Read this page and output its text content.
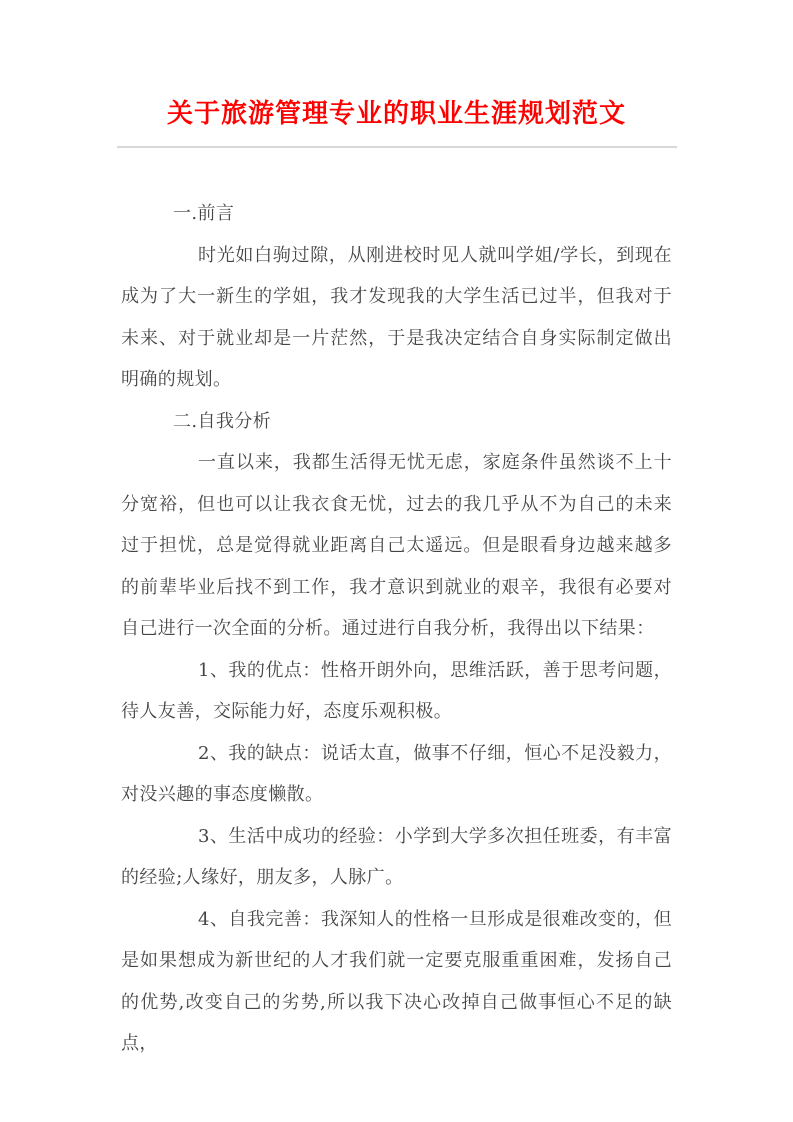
关于旅游管理专业的职业生涯规划范文

一.前言

时光如白驹过隙，从刚进校时见人就叫学姐/学长，到现在成为了大一新生的学姐，我才发现我的大学生活已过半，但我对于未来、对于就业却是一片茫然，于是我决定结合自身实际制定做出明确的规划。

二.自我分析

一直以来，我都生活得无忧无虑，家庭条件虽然谈不上十分宽裕，但也可以让我衣食无忧，过去的我几乎从不为自己的未来过于担忧，总是觉得就业距离自己太遥远。但是眼看身边越来越多的前辈毕业后找不到工作，我才意识到就业的艰辛，我很有必要对自己进行一次全面的分析。通过进行自我分析，我得出以下结果：

1、我的优点：性格开朗外向，思维活跃，善于思考问题，待人友善，交际能力好，态度乐观积极。

2、我的缺点：说话太直，做事不仔细，恒心不足没毅力，对没兴趣的事态度懒散。

3、生活中成功的经验：小学到大学多次担任班委，有丰富的经验;人缘好，朋友多，人脉广。

4、自我完善：我深知人的性格一旦形成是很难改变的，但是如果想成为新世纪的人才我们就一定要克服重重困难，发扬自己的优势,改变自己的劣势,所以我下决心改掉自己做事恒心不足的缺点，
